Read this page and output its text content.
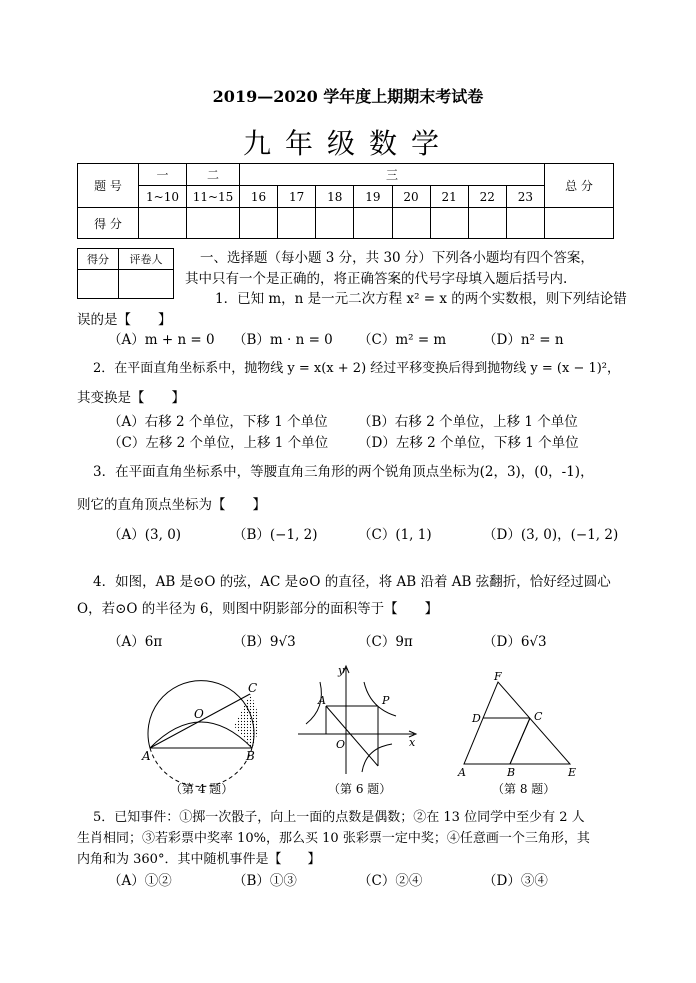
2019—2020 学年度上期期末考试卷
九年级数学
题 号	一	二	三								总 分
	1~10	11~15	16	17	18	19	20	21	22	23	
得 分											
得分	评卷人
		一、选择题（每小题 3 分，共 30 分）下列各小题均有四个答案，
其中只有一个是正确的，将正确答案的代号字母填入题后括号内.
1．已知 m，n 是一元二次方程 x² = x 的两个实数根，则下列结论错
误的是【　　】
（A）m + n = 0 （B）m · n = 0 （C）m² = m	（D）n² = n
2．在平面直角坐标系中，抛物线 y = x(x + 2) 经过平移变换后得到抛物线 y = (x − 1)²，
其变换是【　　】
（A）右移 2 个单位，下移 1 个单位 （B）右移 2 个单位，上移 1 个单位
（C）左移 2 个单位，上移 1 个单位 （D）左移 2 个单位，下移 1 个单位
3．在平面直角坐标系中，等腰直角三角形的两个锐角顶点坐标为(2，3)，(0，-1)，
则它的直角顶点坐标为【　　】
（A）(3, 0)	（B）(−1, 2)	（C）(1, 1)	（D）(3, 0)，(−1, 2)
4．如图，AB 是⊙O 的弦，AC 是⊙O 的直径，将 AB 沿着 AB 弦翻折，恰好经过圆心
O，若⊙O 的半径为 6，则图中阴影部分的面积等于【　　】
（A）6π	（B）9√3	（C）9π	（D）6√3
C
O
A	B
（第 4 题）
y
A	P
O	x
（第 6 题）
F
D	C
A	B	E
（第 8 题）
5．已知事件：①掷一次骰子，向上一面的点数是偶数；②在 13 位同学中至少有 2 人
生肖相同；③若彩票中奖率 10%，那么买 10 张彩票一定中奖；④任意画一个三角形，其
内角和为 360°．其中随机事件是【　　】
（A）①②	（B）①③	（C）②④	（D）③④
